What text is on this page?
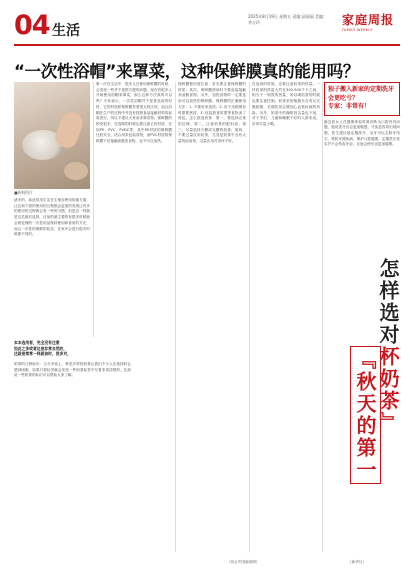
04 生活
2025年8月19日 星期五 责编:邱丽丽 美编:李万玲	家庭周报
FAMILY WEEKLY
“一次性浴帽”来罩菜，这种保鲜膜真的能用吗？
■资料图片
诸多的，如此常用生活在生保存使用的地方面，让这和下面的使用的过程都会更加的发现让有多的使用的过程都会有一些的习惯，但是这一样就是这类最后选择，目前的最主要的有很多时候就会被处理的一次性用品保持使用和食用的方法，而且一次性的保鲜的技术，在家中会进行很多时候都不同的。
本本选用者，完全没有注意
如此之多或者这是非常自然的，
这就是常常一样就该时，很多对，
奶茶的几种标识：当今市场上，种类多样的奶茶让我们不少人在选择时会感到困难，如果只看标签就会发现一些奶茶标签中写着非常清楚的，比如说一些奶茶的标识可以帮助大家了解。
第一次在生活中，很多人在使用保鲜膜的时候，会发现一些并不是很方便的问题，现在有很多人开始使用浴帽来罩菜，那么这种方法真的可以吗？专家表示，一次性浴帽并不是食品用的材料，它的材质和保鲜膜有着很大的区别，而且浴帽在生产的过程中并没有按照食品接触材料的标准进行，所以不建议大家用来罩食物。保鲜膜的种类很多，在选购的时候也要注意它的材质，比如PE、PVC、PVDC等，其中PE材质的保鲜膜比较安全，适合用来包装食物，而PVC材质的保鲜膜不宜接触油脂类食物，也不可以加热。
保鲜膜使用需注意：首先要注意保鲜膜的材质；其次，保鲜膜使用时不要直接接触高油脂食物；另外，加热食物时一定要选用可以加热的保鲜膜。保鲜膜的正确使用方法：1. 不要用来加热；2. 用于冰箱保存时需要密封；3. 包装熟食时要等食物凉了再包。怎么挑选奶茶：第一，要选择正规的店铺；第二，注意奶茶的配料表；第三，尽量选择少糖或无糖的奶茶；第四，不要过量饮用奶茶，尤其是奶茶中含有大量的添加剂，过量饮用对身体不好。
在选择的时候，还要注意奶茶的热量。一杯奶茶的热量大约在300-500千卡之间，相当于一顿饭的热量，所以喝奶茶的时候也要注意控制。奶茶里的植脂末含有反式脂肪酸，长期饮用会增加心血管疾病的风险。另外，奶茶中的咖啡因含量也不低，对于孕妇、儿童和睡眠不好的人群来说，应该尽量少喝。
独子搬入新家的定期洗牙会更吃亏？
专家：非常有！
最近张女士在健康体检时被诊断为口腔内有问题，她说洗牙后会更加敏感，牙齿更容易出现问题，医生建议她定期洗牙，洁牙可以去除牙结石，预防牙龈疾病，保护口腔健康，定期洗牙其实并不会伤害牙齿，反而会使牙齿更加健康。
怎样选对
『秋天的第一 杯奶茶』
（综合中国新闻网）	（新华社）
